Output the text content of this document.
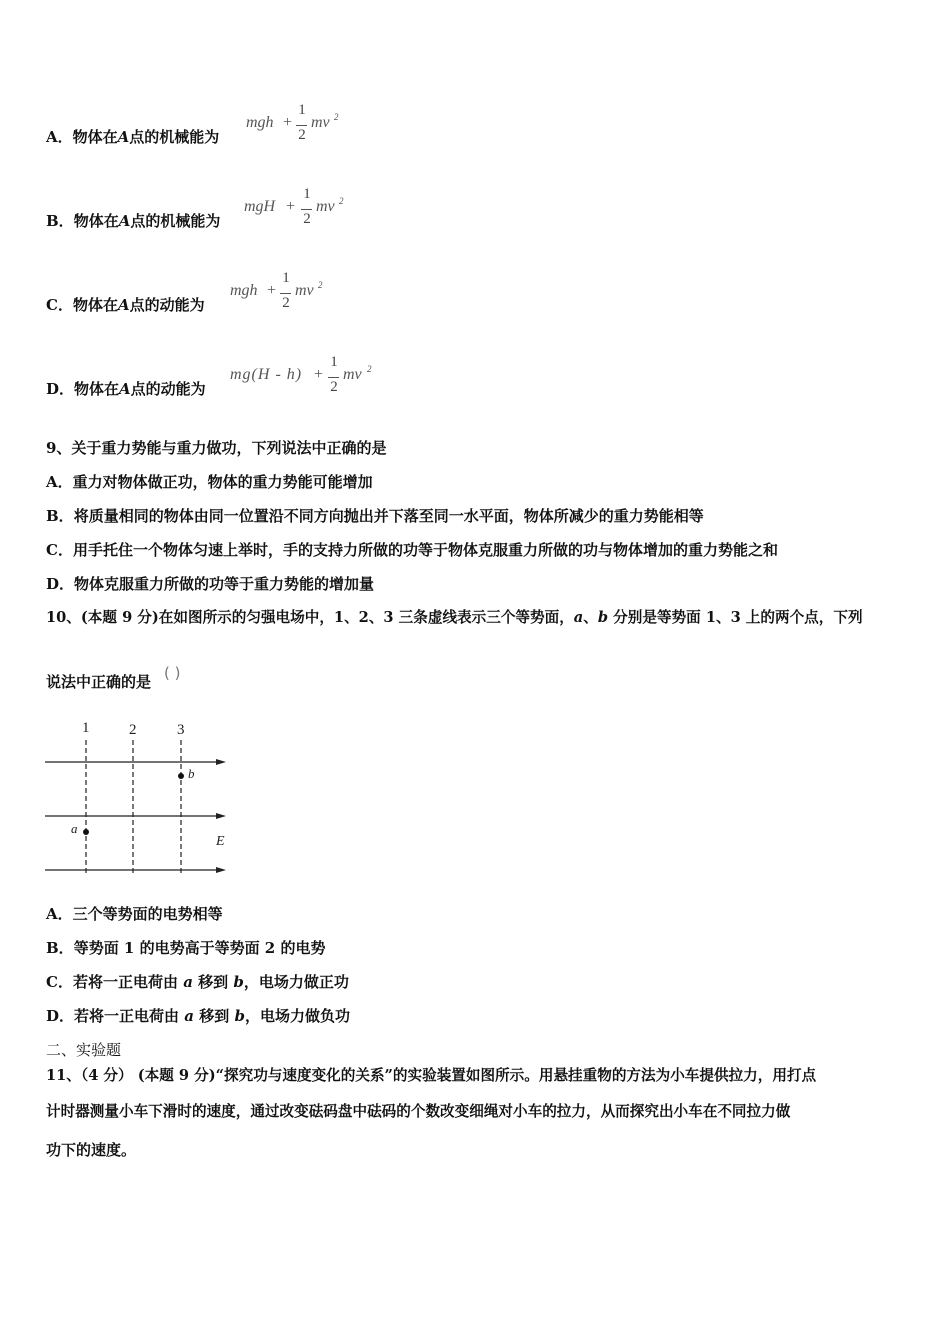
A．物体在A点的机械能为
mgh +
1
2
mv 2
B．物体在A点的机械能为
mgH +
1
2
mv 2
C．物体在A点的动能为
mgh +
1
2
mv 2
D．物体在A点的动能为
mg(H - h) +
1
2
mv 2
9、关于重力势能与重力做功，下列说法中正确的是
A．重力对物体做正功，物体的重力势能可能增加
B．将质量相同的物体由同一位置沿不同方向抛出并下落至同一水平面，物体所减少的重力势能相等
C．用手托住一个物体匀速上举时，手的支持力所做的功等于物体克服重力所做的功与物体增加的重力势能之和
D．物体克服重力所做的功等于重力势能的增加量
10、(本题 9 分)在如图所示的匀强电场中，1、2、3 三条虚线表示三个等势面，a、b 分别是等势面 1、3 上的两个点，下列
说法中正确的是 ( )
1	2	3
b
a
E
A．三个等势面的电势相等
B．等势面 1 的电势高于等势面 2 的电势
C．若将一正电荷由 a 移到 b，电场力做正功
D．若将一正电荷由 a 移到 b，电场力做负功
二、实验题
11、（4 分） (本题 9 分)“探究功与速度变化的关系”的实验装置如图所示。用悬挂重物的方法为小车提供拉力，用打点
计时器测量小车下滑时的速度，通过改变砝码盘中砝码的个数改变细绳对小车的拉力，从而探究出小车在不同拉力做
功下的速度。
